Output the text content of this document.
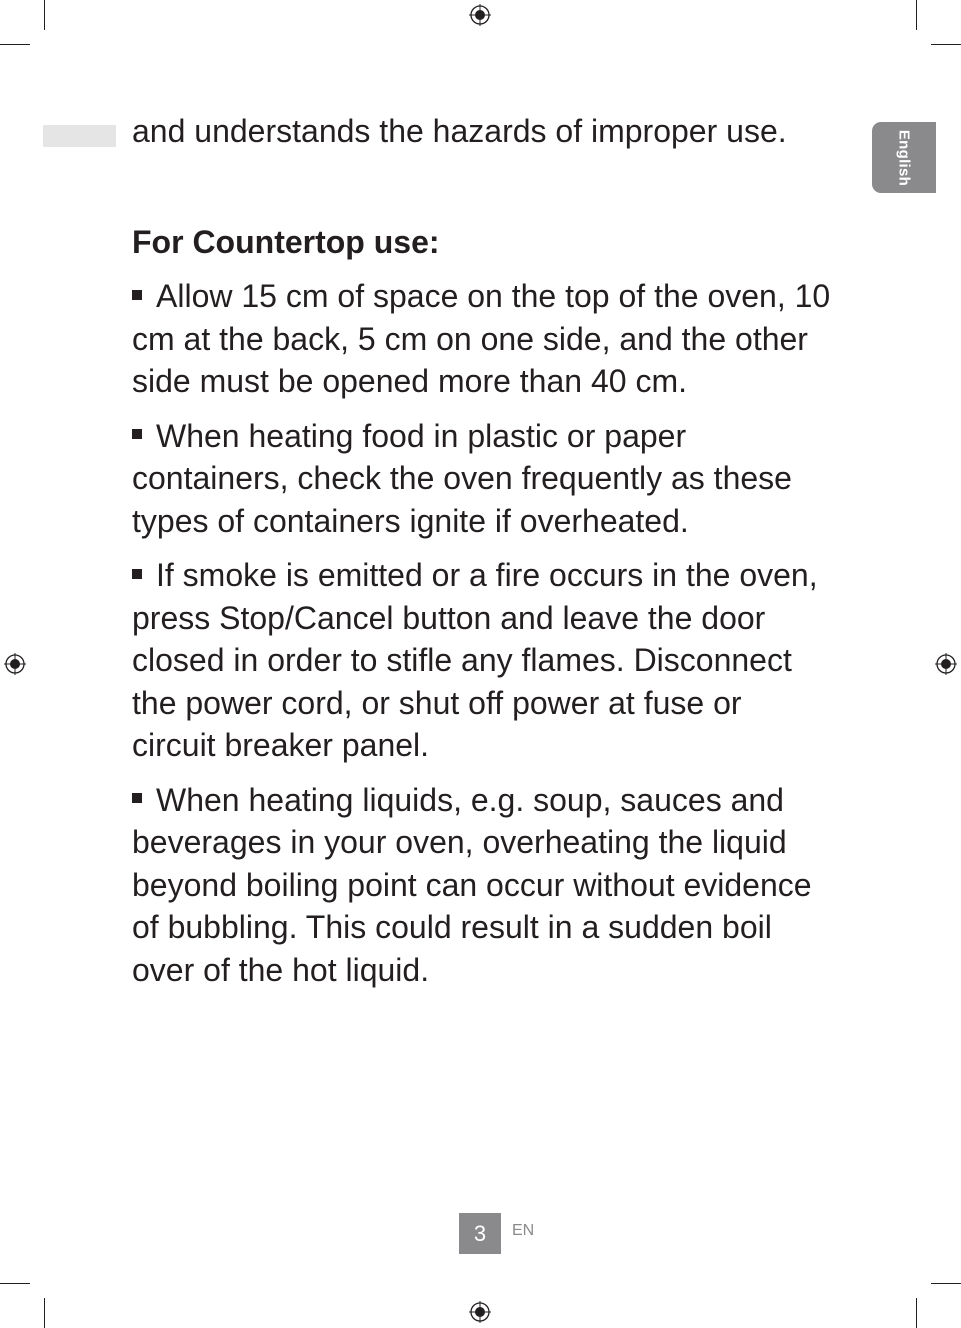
English

and understands the hazards of improper use.

For Countertop use:

Allow 15 cm of space on the top of the oven, 10 cm at the back, 5 cm on one side, and the other side must be opened more than 40 cm.

When heating food in plastic or paper containers, check the oven frequently as these types of containers ignite if overheated.

If smoke is emitted or a fire occurs in the oven, press Stop/Cancel button and leave the door closed in order to stifle any flames. Disconnect the power cord, or shut off power at fuse or circuit breaker panel.

When heating liquids, e.g. soup, sauces and beverages in your oven, overheating the liquid beyond boiling point can occur without evidence of bubbling. This could result in a sudden boil over of the hot liquid.

3	EN
